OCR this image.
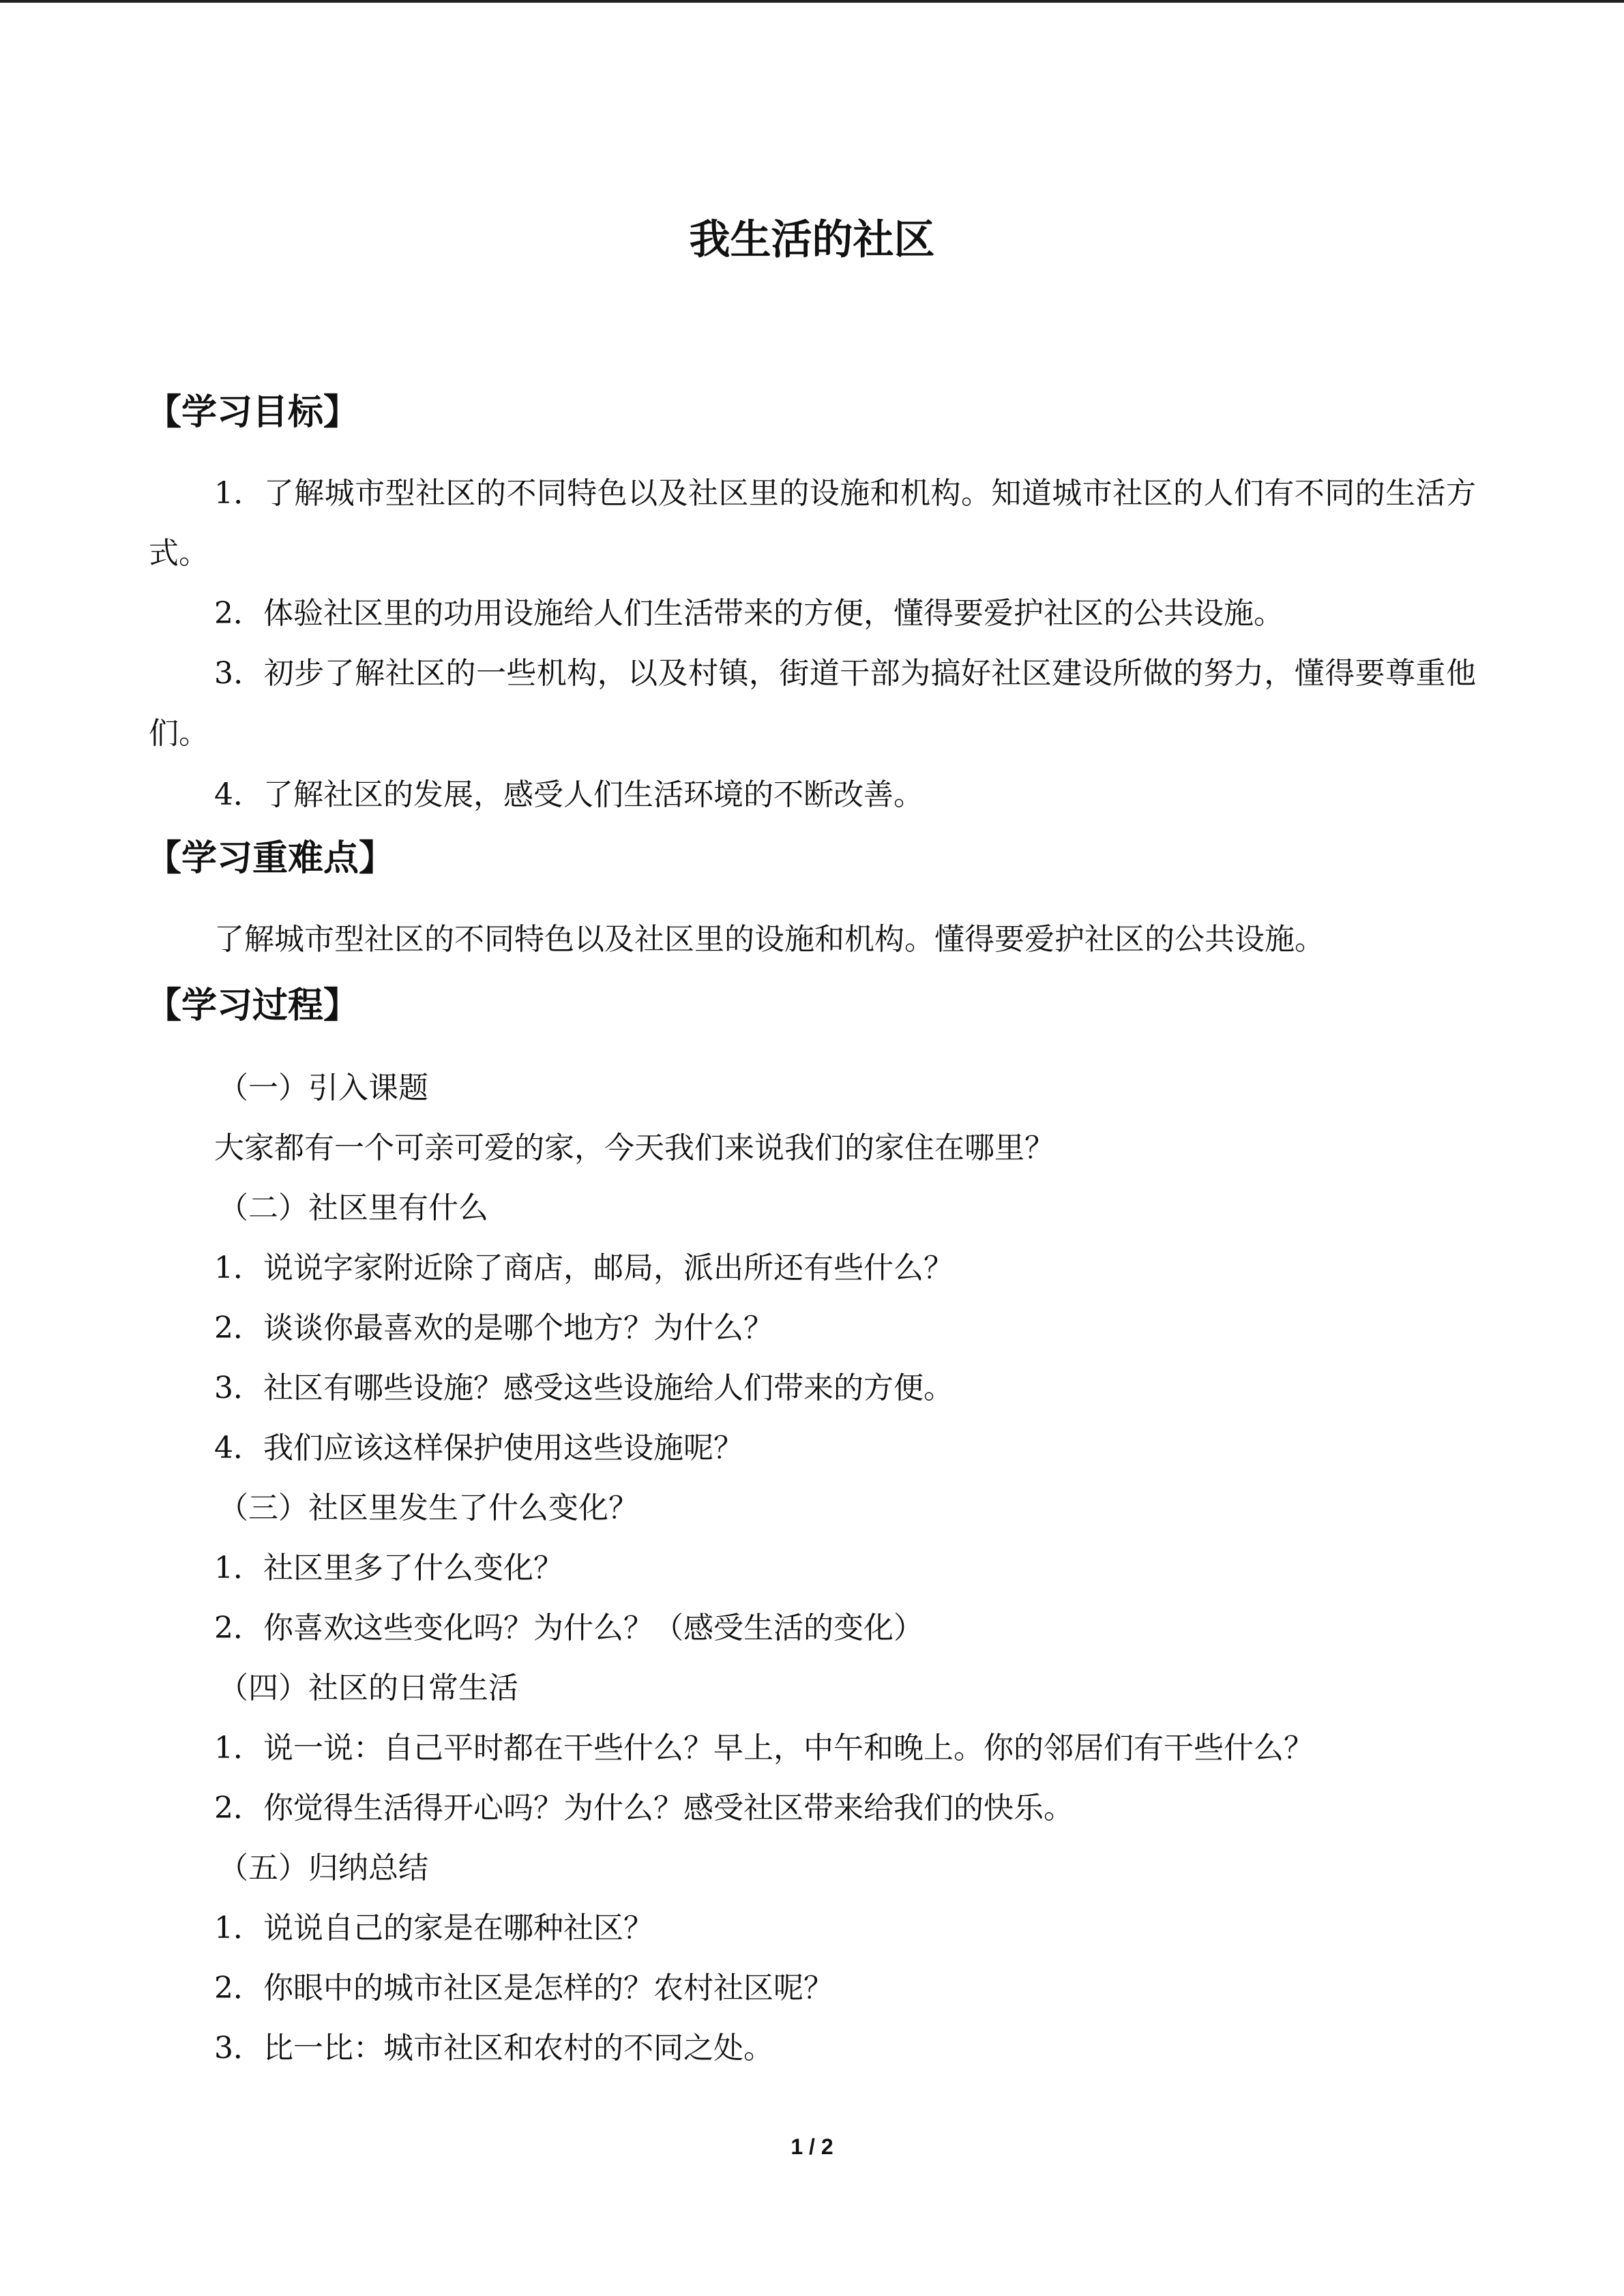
我生活的社区
【学习目标】
1．了解城市型社区的不同特色以及社区里的设施和机构。知道城市社区的人们有不同的生活方式。
2．体验社区里的功用设施给人们生活带来的方便，懂得要爱护社区的公共设施。
3．初步了解社区的一些机构，以及村镇，街道干部为搞好社区建设所做的努力，懂得要尊重他们。
4．了解社区的发展，感受人们生活环境的不断改善。
【学习重难点】
了解城市型社区的不同特色以及社区里的设施和机构。懂得要爱护社区的公共设施。
【学习过程】
（一）引入课题
大家都有一个可亲可爱的家，今天我们来说我们的家住在哪里？
（二）社区里有什么
1．说说字家附近除了商店，邮局，派出所还有些什么？
2．谈谈你最喜欢的是哪个地方？为什么？
3．社区有哪些设施？感受这些设施给人们带来的方便。
4．我们应该这样保护使用这些设施呢？
（三）社区里发生了什么变化？
1．社区里多了什么变化？
2．你喜欢这些变化吗？为什么？（感受生活的变化）
（四）社区的日常生活
1．说一说：自己平时都在干些什么？早上，中午和晚上。你的邻居们有干些什么？
2．你觉得生活得开心吗？为什么？感受社区带来给我们的快乐。
（五）归纳总结
1．说说自己的家是在哪种社区？
2．你眼中的城市社区是怎样的？农村社区呢？
3．比一比：城市社区和农村的不同之处。
1 / 2
